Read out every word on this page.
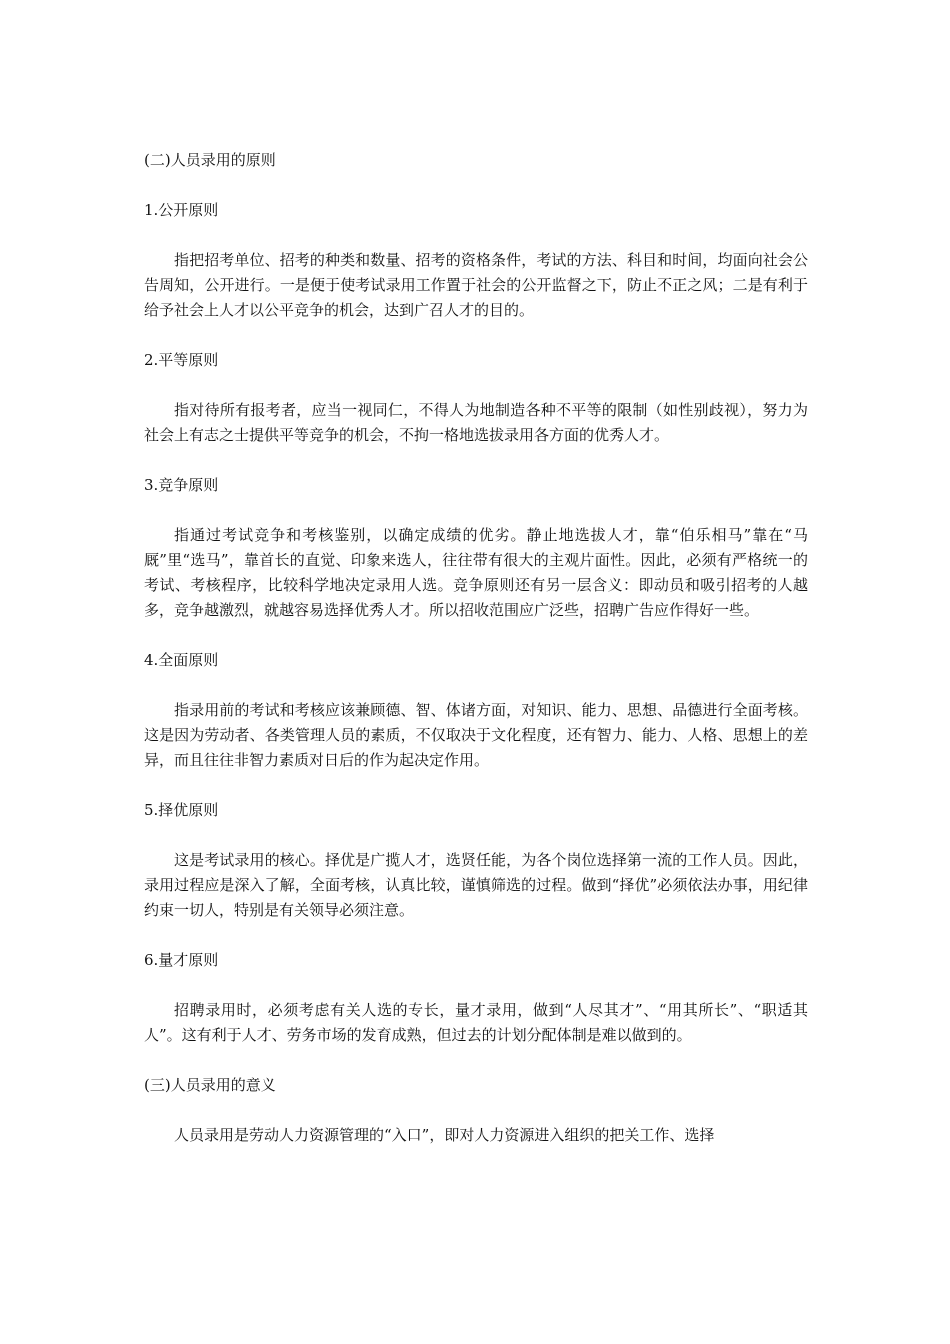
(二)人员录用的原则
1.公开原则

指把招考单位、招考的种类和数量、招考的资格条件，考试的方法、科目和时间，均面向社会公告周知，公开进行。一是便于使考试录用工作置于社会的公开监督之下，防止不正之风；二是有利于给予社会上人才以公平竞争的机会，达到广召人才的目的。

2.平等原则

指对待所有报考者，应当一视同仁，不得人为地制造各种不平等的限制（如性别歧视），努力为社会上有志之士提供平等竞争的机会，不拘一格地选拔录用各方面的优秀人才。

3.竞争原则

指通过考试竞争和考核鉴别，以确定成绩的优劣。静止地选拔人才，靠“伯乐相马”靠在“马厩”里“选马”，靠首长的直觉、印象来选人，往往带有很大的主观片面性。因此，必须有严格统一的考试、考核程序，比较科学地决定录用人选。竞争原则还有另一层含义：即动员和吸引招考的人越多，竞争越激烈，就越容易选择优秀人才。所以招收范围应广泛些，招聘广告应作得好一些。

4.全面原则

指录用前的考试和考核应该兼顾德、智、体诸方面，对知识、能力、思想、品德进行全面考核。这是因为劳动者、各类管理人员的素质，不仅取决于文化程度，还有智力、能力、人格、思想上的差异，而且往往非智力素质对日后的作为起决定作用。

5.择优原则

这是考试录用的核心。择优是广揽人才，选贤任能，为各个岗位选择第一流的工作人员。因此，录用过程应是深入了解，全面考核，认真比较，谨慎筛选的过程。做到“择优”必须依法办事，用纪律约束一切人，特别是有关领导必须注意。

6.量才原则

招聘录用时，必须考虑有关人选的专长，量才录用，做到“人尽其才”、“用其所长”、“职适其人”。这有利于人才、劳务市场的发育成熟，但过去的计划分配体制是难以做到的。

(三)人员录用的意义

人员录用是劳动人力资源管理的“入口”，即对人力资源进入组织的把关工作、选择
